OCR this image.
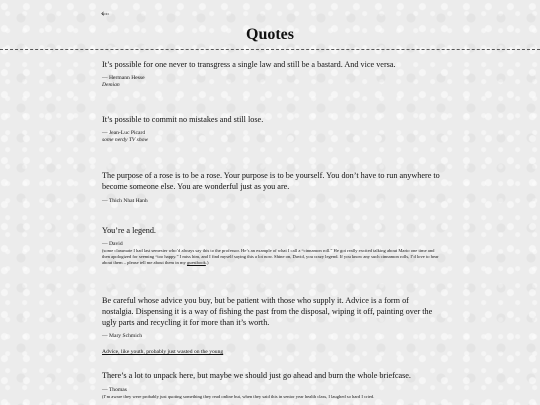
⬸
Quotes

It’s possible for one never to transgress a single law and still be a bastard. And vice versa.

— Hermann Hesse

Demian

It’s possible to commit no mistakes and still lose.

— Jean-Luc Picard

some nerdy TV show

The purpose of a rose is to be a rose. Your purpose is to be yourself. You don’t have to run anywhere to become someone else. You are wonderful just as you are.

— Thich Nhat Hanh

You’re a legend.

— David

(some classmate I had last semester who’d always say this to the professor. He’s an example of what I call a “cinnamon roll.” He got really excited talking about Mario one time and then apologized for seeming “too happy.” I miss him, and I find myself saying this a lot now. Shine on, David, you crazy legend. If you know any such cinnamon rolls, I’d love to hear about them – please tell me about them in my guestbook.)

Be careful whose advice you buy, but be patient with those who supply it. Advice is a form of nostalgia. Dispensing it is a way of fishing the past from the disposal, wiping it off, painting over the ugly parts and recycling it for more than it’s worth.

— Mary Schmich

Advice, like youth, probably just wasted on the young

There’s a lot to unpack here, but maybe we should just go ahead and burn the whole briefcase.

— Thomas

(I’m aware they were probably just quoting something they read online but, when they said this in senior year health class, I laughed so hard I cried.
